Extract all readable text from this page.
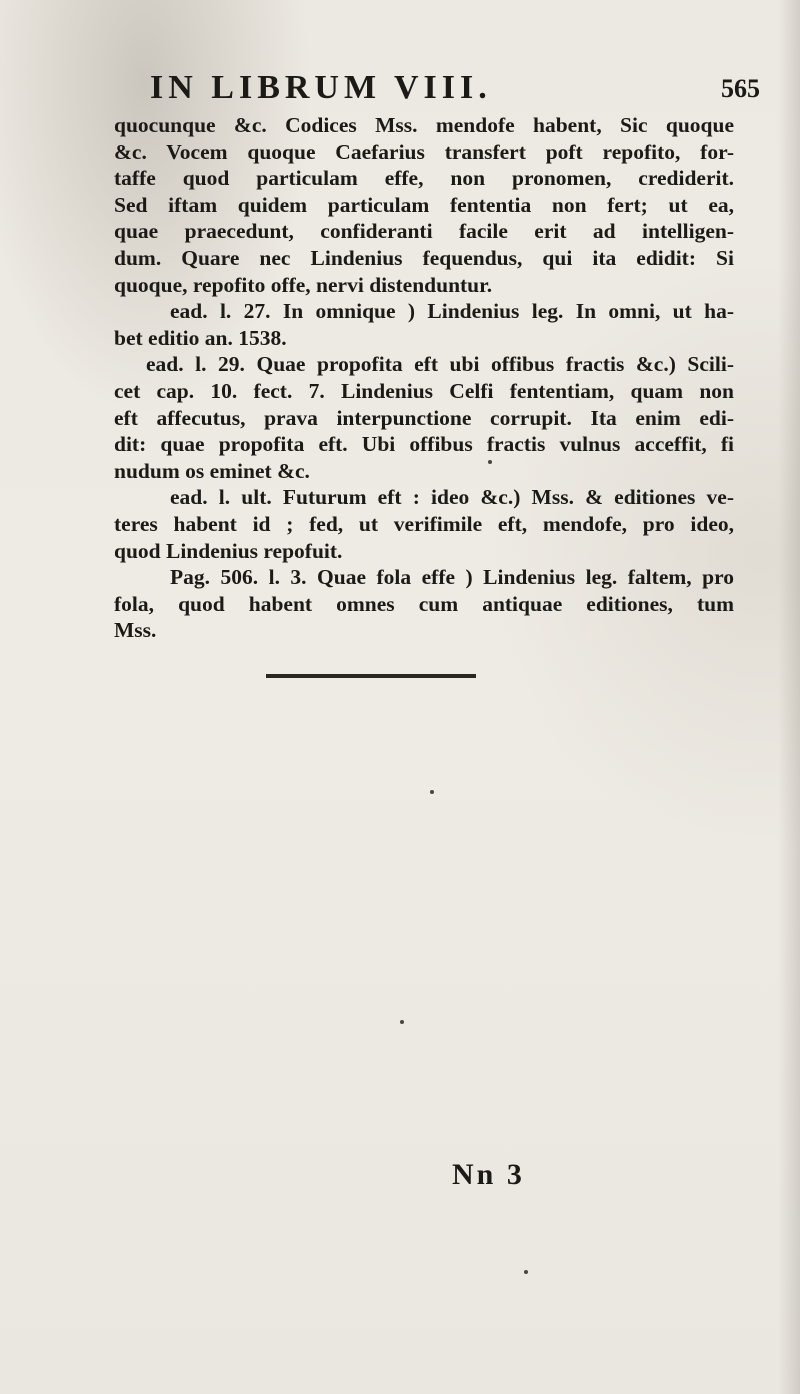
IN LIBRUM VIII.	565
quocunque &c. Codices Mss. mendofe habent, Sic quoque
&c. Vocem quoque Caefarius transfert poft repofito, for-
taffe quod particulam effe, non pronomen, crediderit.
Sed iftam quidem particulam fententia non fert; ut ea,
quae praecedunt, confideranti facile erit ad intelligen-
dum. Quare nec Lindenius fequendus, qui ita edidit: Si
quoque, repofito offe, nervi distenduntur.
ead. l. 27. In omnique ) Lindenius leg. In omni, ut ha-
bet editio an. 1538.
ead. l. 29. Quae propofita eft ubi offibus fractis &c.) Scili-
cet cap. 10. fect. 7. Lindenius Celfi fententiam, quam non
eft affecutus, prava interpunctione corrupit. Ita enim edi-
dit: quae propofita eft. Ubi offibus fractis vulnus acceffit, fi
nudum os eminet &c.
ead. l. ult. Futurum eft : ideo &c.) Mss. & editiones ve-
teres habent id ; fed, ut verifimile eft, mendofe, pro ideo,
quod Lindenius repofuit.
Pag. 506. l. 3. Quae fola effe ) Lindenius leg. faltem, pro
fola, quod habent omnes cum antiquae editiones, tum
Mss.
Nn 3
